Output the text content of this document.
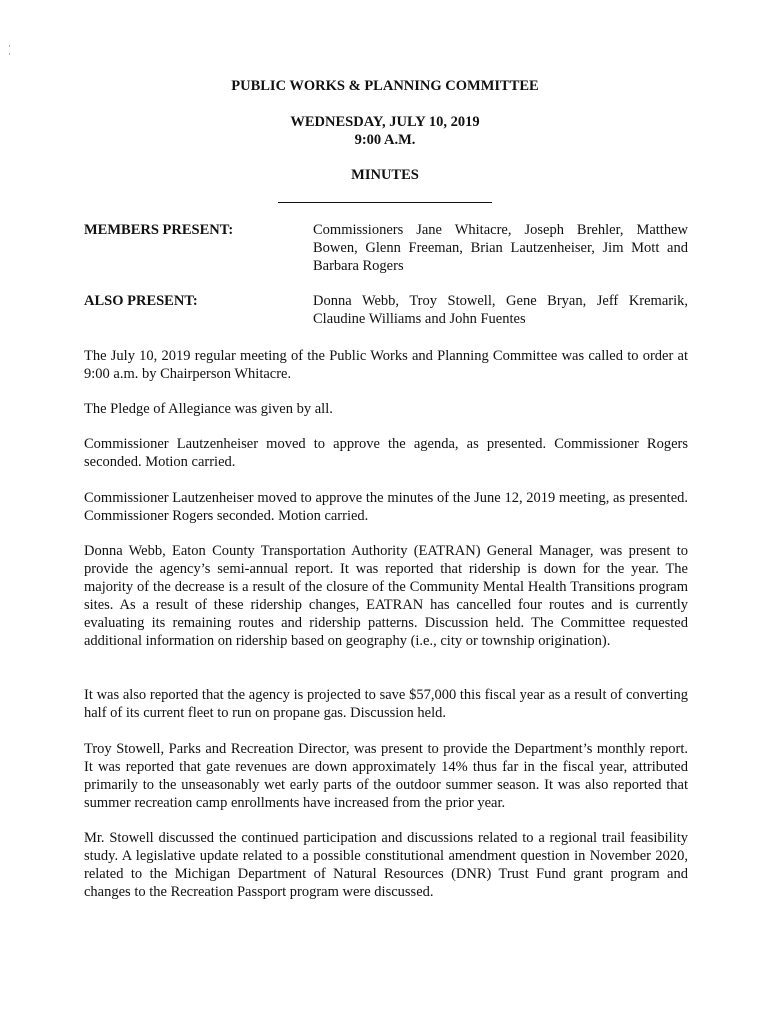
·
·
PUBLIC WORKS & PLANNING COMMITTEE
WEDNESDAY, JULY 10, 2019
9:00 A.M.
MINUTES
MEMBERS PRESENT:	Commissioners Jane Whitacre, Joseph Brehler, Matthew Bowen, Glenn Freeman, Brian Lautzenheiser, Jim Mott and Barbara Rogers
ALSO PRESENT:	Donna Webb, Troy Stowell, Gene Bryan, Jeff Kremarik, Claudine Williams and John Fuentes
The July 10, 2019 regular meeting of the Public Works and Planning Committee was called to order at 9:00 a.m. by Chairperson Whitacre.
The Pledge of Allegiance was given by all.
Commissioner Lautzenheiser moved to approve the agenda, as presented. Commissioner Rogers seconded. Motion carried.
Commissioner Lautzenheiser moved to approve the minutes of the June 12, 2019 meeting, as presented. Commissioner Rogers seconded. Motion carried.
Donna Webb, Eaton County Transportation Authority (EATRAN) General Manager, was present to provide the agency’s semi-annual report. It was reported that ridership is down for the year. The majority of the decrease is a result of the closure of the Community Mental Health Transitions program sites. As a result of these ridership changes, EATRAN has cancelled four routes and is currently evaluating its remaining routes and ridership patterns. Discussion held. The Committee requested additional information on ridership based on geography (i.e., city or township origination).
It was also reported that the agency is projected to save $57,000 this fiscal year as a result of converting half of its current fleet to run on propane gas. Discussion held.
Troy Stowell, Parks and Recreation Director, was present to provide the Department’s monthly report. It was reported that gate revenues are down approximately 14% thus far in the fiscal year, attributed primarily to the unseasonably wet early parts of the outdoor summer season. It was also reported that summer recreation camp enrollments have increased from the prior year.
Mr. Stowell discussed the continued participation and discussions related to a regional trail feasibility study. A legislative update related to a possible constitutional amendment question in November 2020, related to the Michigan Department of Natural Resources (DNR) Trust Fund grant program and changes to the Recreation Passport program were discussed.
